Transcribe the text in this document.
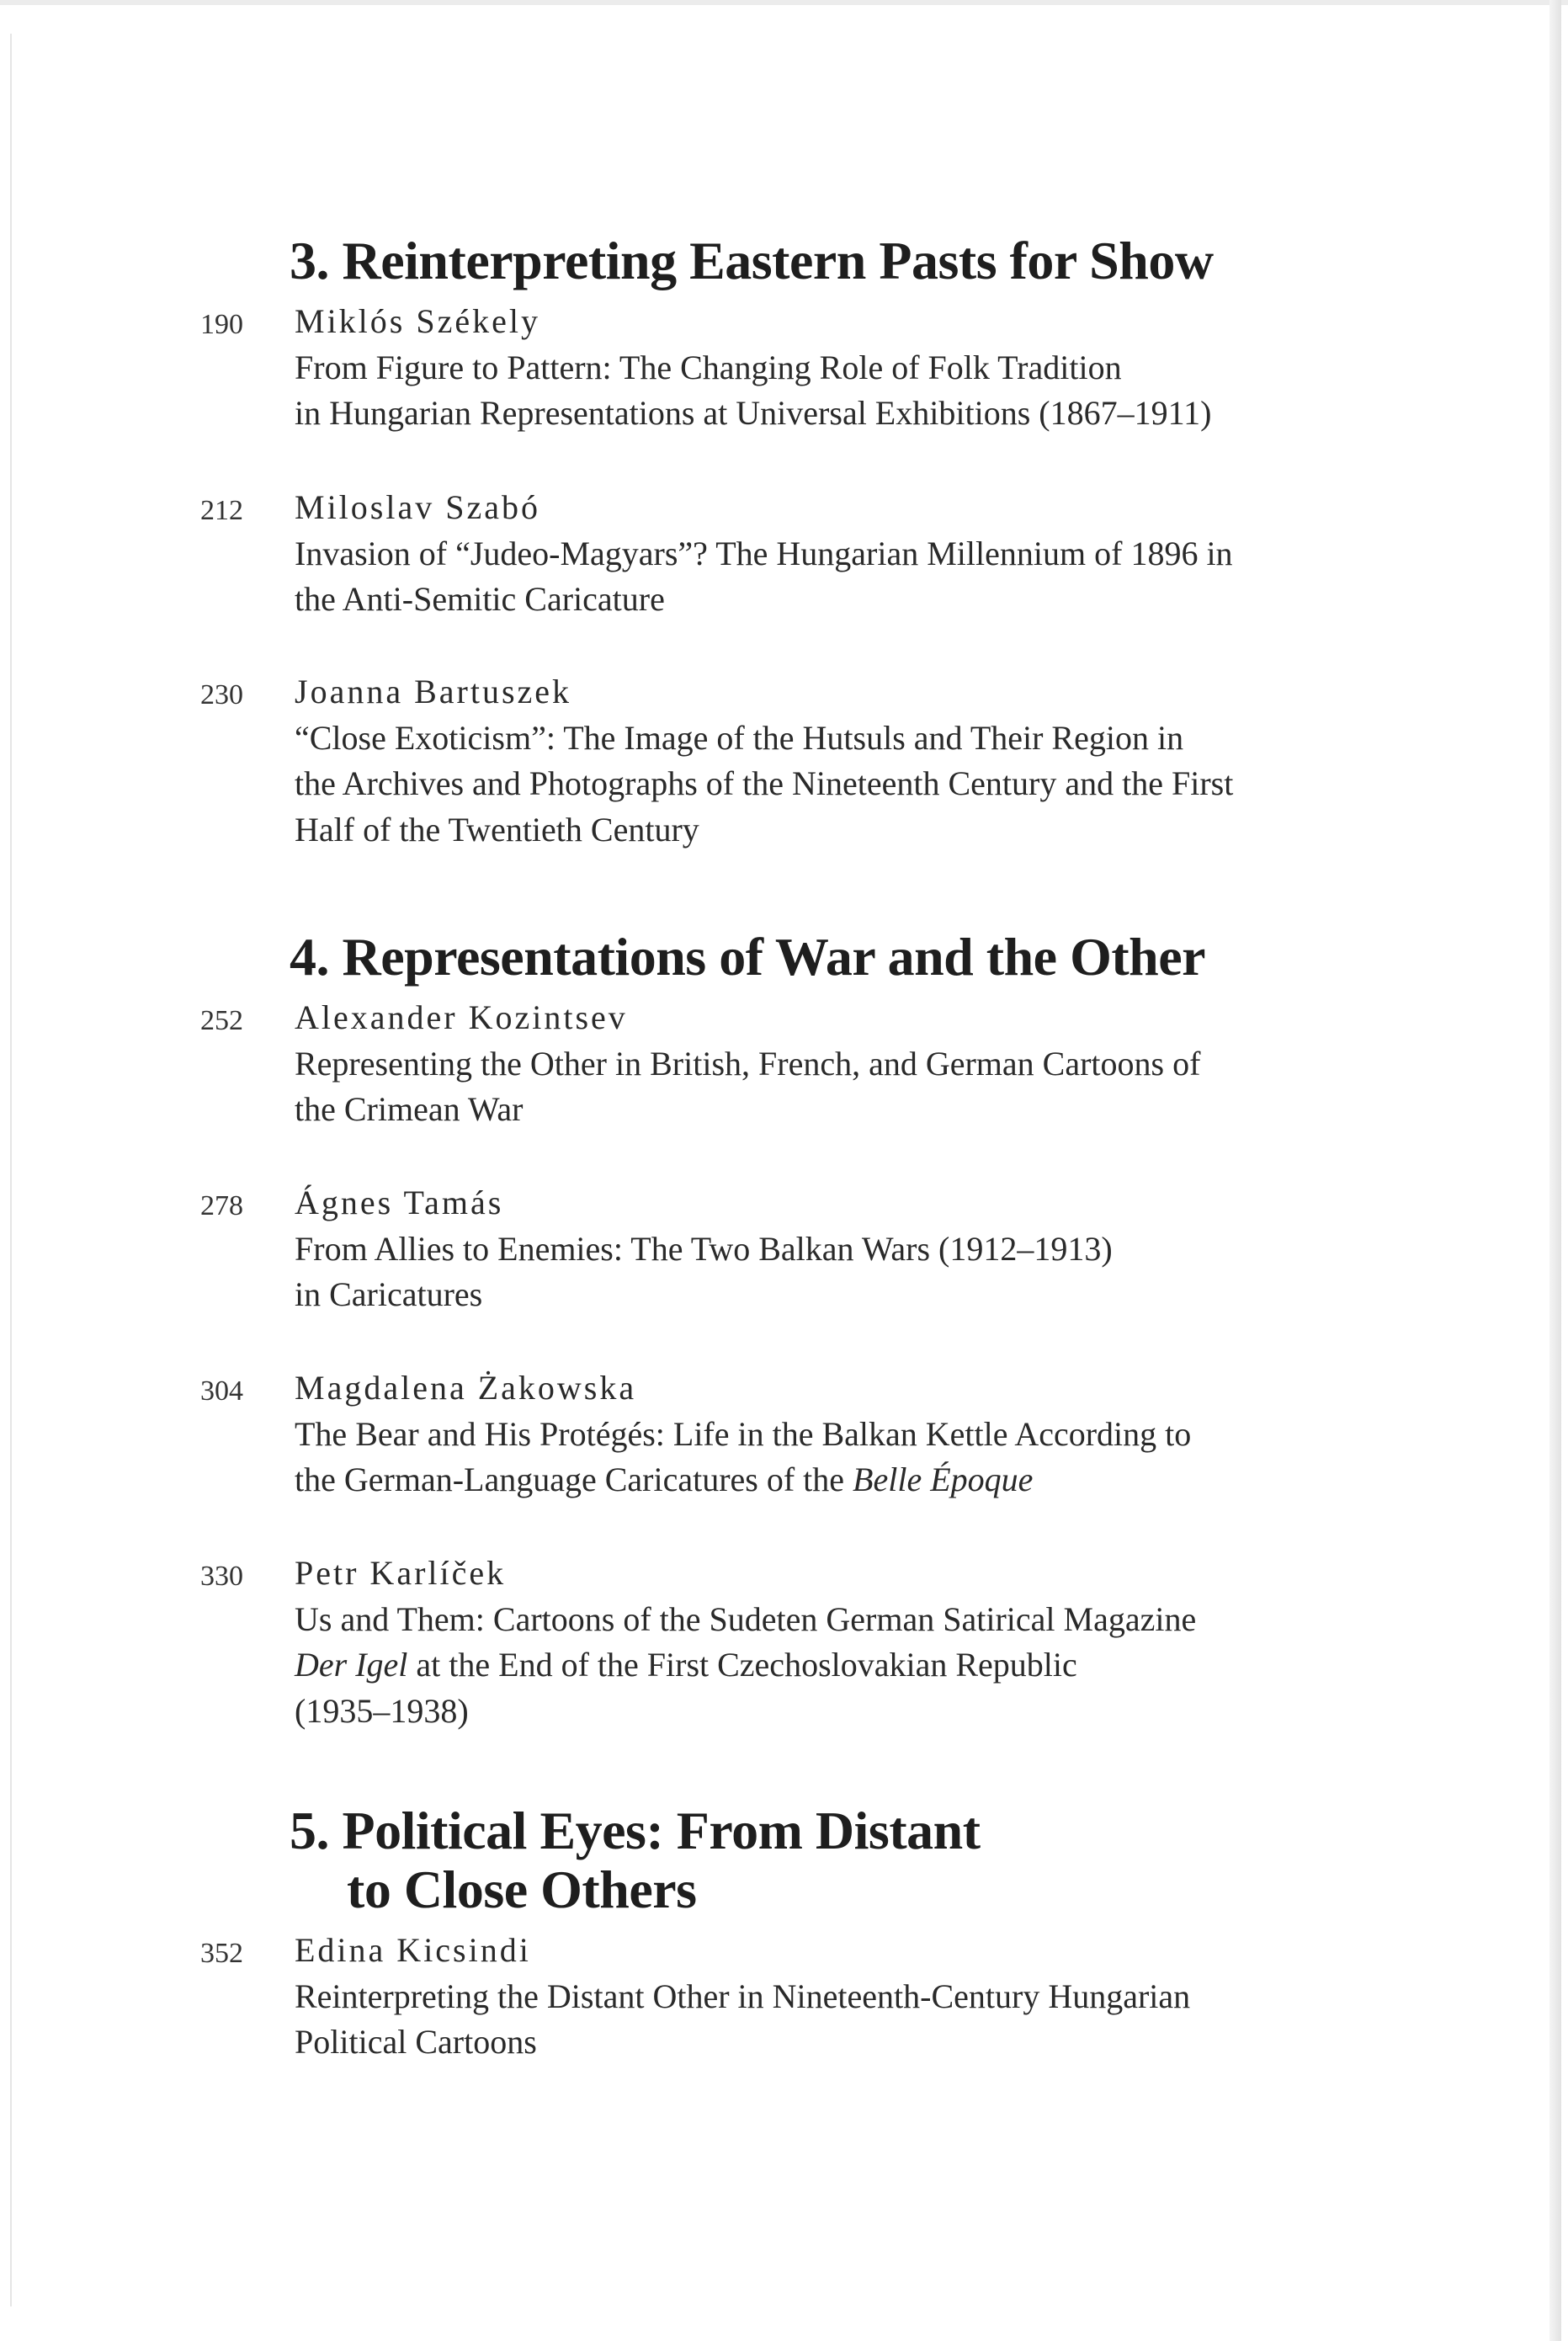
3. Reinterpreting Eastern Pasts for Show
190 Miklós Székely
From Figure to Pattern: The Changing Role of Folk Tradition
in Hungarian Representations at Universal Exhibitions (1867–1911)
212 Miloslav Szabó
Invasion of “Judeo-Magyars”? The Hungarian Millennium of 1896 in
the Anti-Semitic Caricature
230 Joanna Bartuszek
“Close Exoticism”: The Image of the Hutsuls and Their Region in
the Archives and Photographs of the Nineteenth Century and the First
Half of the Twentieth Century
4. Representations of War and the Other
252 Alexander Kozintsev
Representing the Other in British, French, and German Cartoons of
the Crimean War
278 Ágnes Tamás
From Allies to Enemies: The Two Balkan Wars (1912–1913)
in Caricatures
304 Magdalena Żakowska
The Bear and His Protégés: Life in the Balkan Kettle According to
the German-Language Caricatures of the Belle Époque
330 Petr Karlíček
Us and Them: Cartoons of the Sudeten German Satirical Magazine
Der Igel at the End of the First Czechoslovakian Republic
(1935–1938)
5. Political Eyes: From Distant
to Close Others
352 Edina Kicsindi
Reinterpreting the Distant Other in Nineteenth-Century Hungarian
Political Cartoons
